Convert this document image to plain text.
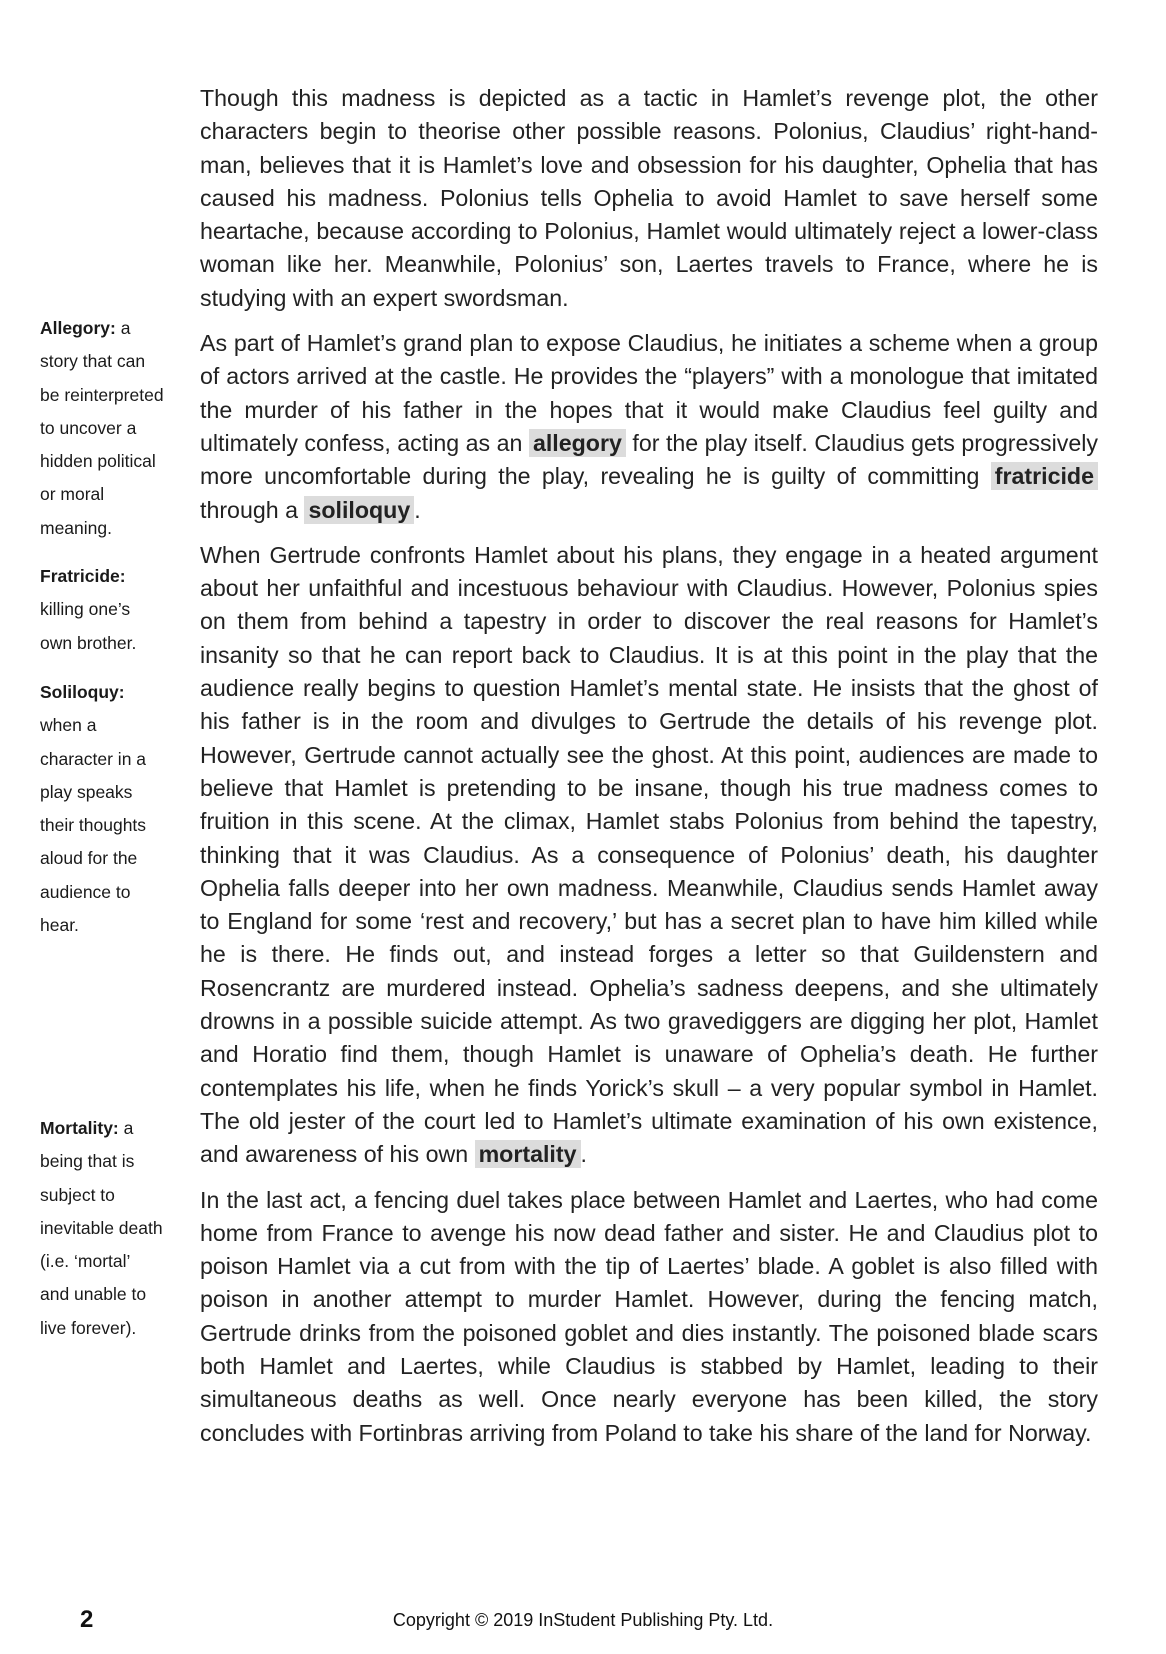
Though this madness is depicted as a tactic in Hamlet’s revenge plot, the other characters begin to theorise other possible reasons. Polonius, Claudius’ right-hand-man, believes that it is Hamlet’s love and obsession for his daughter, Ophelia that has caused his madness. Polonius tells Ophelia to avoid Hamlet to save herself some heartache, because according to Polonius, Hamlet would ultimately reject a lower-class woman like her. Meanwhile, Polonius’ son, Laertes travels to France, where he is studying with an expert swordsman.

As part of Hamlet’s grand plan to expose Claudius, he initiates a scheme when a group of actors arrived at the castle. He provides the “players” with a monologue that imitated the murder of his father in the hopes that it would make Claudius feel guilty and ultimately confess, acting as an allegory for the play itself. Claudius gets progressively more uncomfortable during the play, revealing he is guilty of committing fratricide through a soliloquy .

When Gertrude confronts Hamlet about his plans, they engage in a heated argument about her unfaithful and incestuous behaviour with Claudius. However, Polonius spies on them from behind a tapestry in order to discover the real reasons for Hamlet’s insanity so that he can report back to Claudius. It is at this point in the play that the audience really begins to question Hamlet’s mental state. He insists that the ghost of his father is in the room and divulges to Gertrude the details of his revenge plot. However, Gertrude cannot actually see the ghost. At this point, audiences are made to believe that Hamlet is pretending to be insane, though his true madness comes to fruition in this scene. At the climax, Hamlet stabs Polonius from behind the tapestry, thinking that it was Claudius. As a consequence of Polonius’ death, his daughter Ophelia falls deeper into her own madness. Meanwhile, Claudius sends Hamlet away to England for some ‘rest and recovery,’ but has a secret plan to have him killed while he is there. He finds out, and instead forges a letter so that Guildenstern and Rosencrantz are murdered instead. Ophelia’s sadness deepens, and she ultimately drowns in a possible suicide attempt. As two gravediggers are digging her plot, Hamlet and Horatio find them, though Hamlet is unaware of Ophelia’s death. He further contemplates his life, when he finds Yorick’s skull – a very popular symbol in Hamlet. The old jester of the court led to Hamlet’s ultimate examination of his own existence, and awareness of his own mortality .

In the last act, a fencing duel takes place between Hamlet and Laertes, who had come home from France to avenge his now dead father and sister. He and Claudius plot to poison Hamlet via a cut from with the tip of Laertes’ blade. A goblet is also filled with poison in another attempt to murder Hamlet. However, during the fencing match, Gertrude drinks from the poisoned goblet and dies instantly. The poisoned blade scars both Hamlet and Laertes, while Claudius is stabbed by Hamlet, leading to their simultaneous deaths as well. Once nearly everyone has been killed, the story concludes with Fortinbras arriving from Poland to take his share of the land for Norway.

Allegory: a
story that can
be reinterpreted
to uncover a
hidden political
or moral
meaning.
Fratricide:
killing one’s
own brother.
Soliloquy:
when a
character in a
play speaks
their thoughts
aloud for the
audience to
hear.
Mortality: a
being that is
subject to
inevitable death
(i.e. ‘mortal’
and unable to
live forever).
2	Copyright © 2019 InStudent Publishing Pty. Ltd.
